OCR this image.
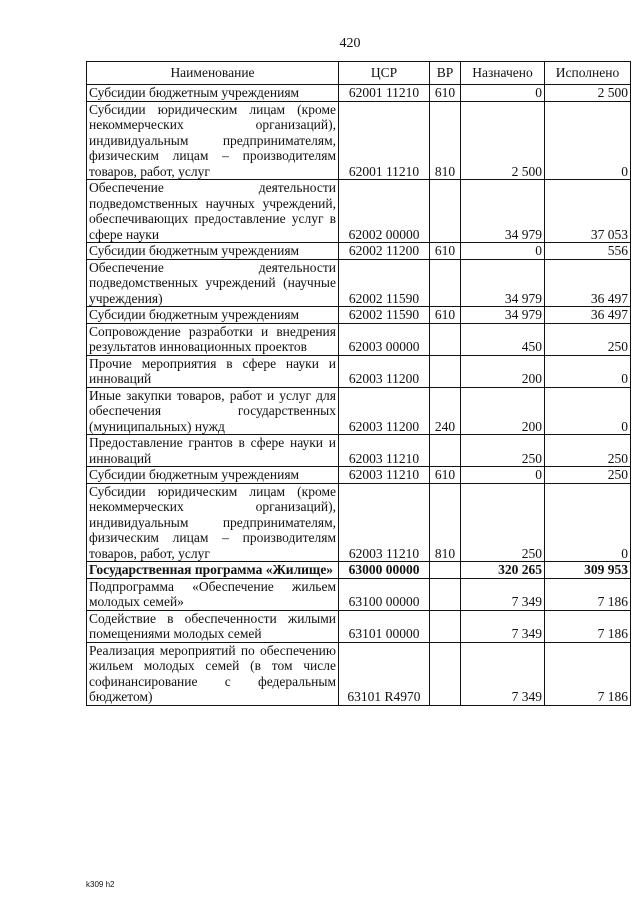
420
Наименование	ЦСР	ВР	Назначено	Исполнено
Субсидии бюджетным учреждениям	62001 11210	610	0	2 500
Субсидии юридическим лицам (кроме некоммерческих организаций), индивидуальным предпринимателям, физическим лицам – производителям товаров, работ, услуг	62001 11210	810	2 500	0
Обеспечение деятельности подведомственных научных учреждений, обеспечивающих предоставление услуг в сфере науки	62002 00000		34 979	37 053
Субсидии бюджетным учреждениям	62002 11200	610	0	556
Обеспечение деятельности подведомственных учреждений (научные учреждения)	62002 11590		34 979	36 497
Субсидии бюджетным учреждениям	62002 11590	610	34 979	36 497
Сопровождение разработки и внедрения результатов инновационных проектов	62003 00000		450	250
Прочие мероприятия в сфере науки и инноваций	62003 11200		200	0
Иные закупки товаров, работ и услуг для обеспечения государственных (муниципальных) нужд	62003 11200	240	200	0
Предоставление грантов в сфере науки и инноваций	62003 11210		250	250
Субсидии бюджетным учреждениям	62003 11210	610	0	250
Субсидии юридическим лицам (кроме некоммерческих организаций), индивидуальным предпринимателям, физическим лицам – производителям товаров, работ, услуг	62003 11210	810	250	0
Государственная программа «Жилище»	63000 00000		320 265	309 953
Подпрограмма «Обеспечение жильем молодых семей»	63100 00000		7 349	7 186
Содействие в обеспеченности жилыми помещениями молодых семей	63101 00000		7 349	7 186
Реализация мероприятий по обеспечению жильем молодых семей (в том числе софинансирование с федеральным бюджетом)	63101 R4970		7 349	7 186
k309 h2
